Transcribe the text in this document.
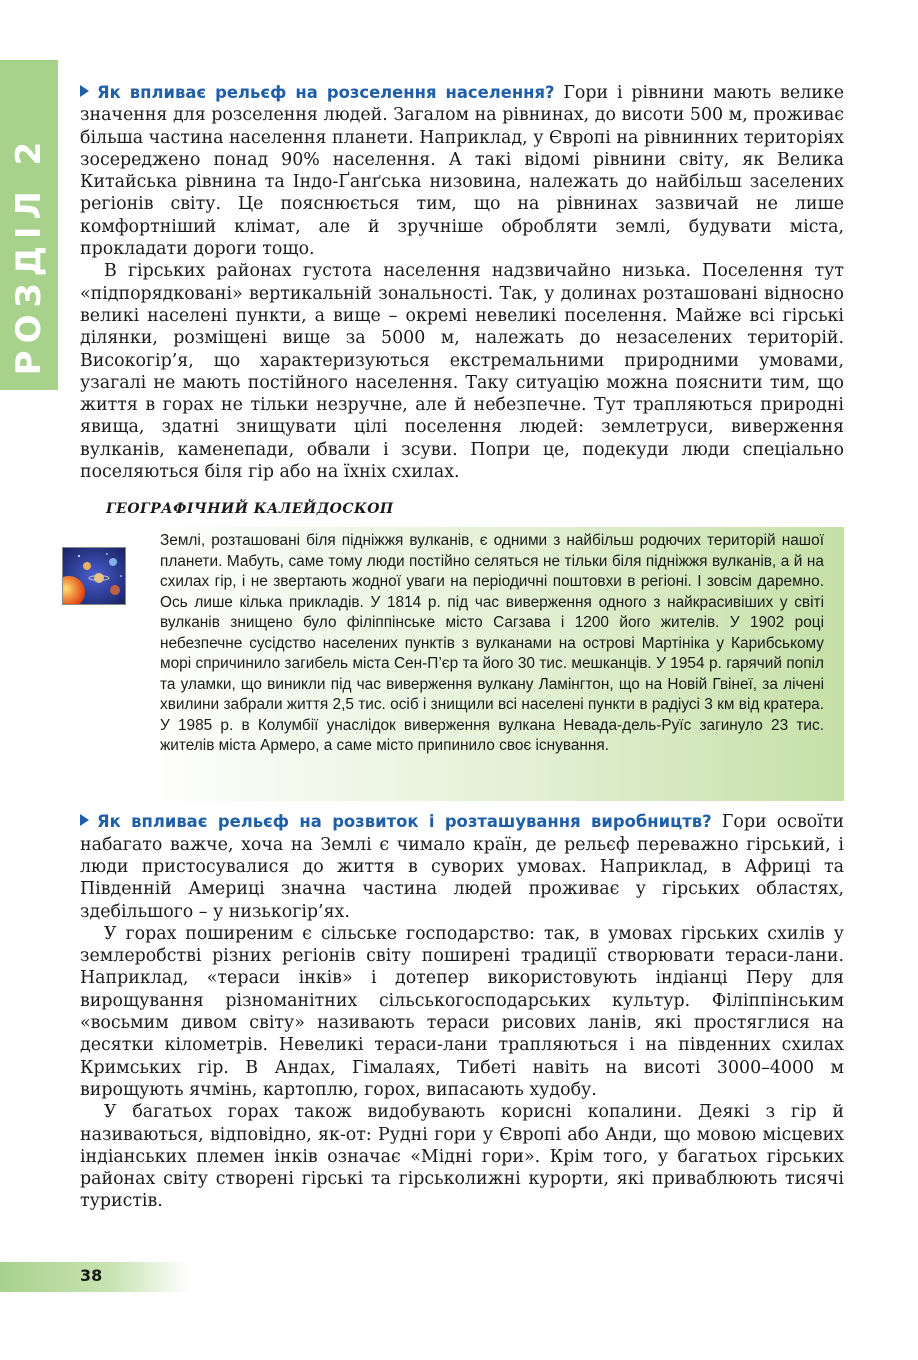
РОЗДІЛ 2

Як впливає рельєф на розселення населення? Гори і рівнини мають велике значення для розселення людей. Загалом на рівнинах, до висоти 500 м, проживає більша частина населення планети. Наприклад, у Європі на рівнинних територіях зосереджено понад 90% населення. А такі відомі рівнини світу, як Велика Китайська рівнина та Індо-Ґанґська низовина, належать до найбільш заселених регіонів світу. Це пояснюється тим, що на рівнинах зазвичай не лише комфортніший клімат, але й зручніше обробляти землі, будувати міста, прокладати дороги тощо.

В гірських районах густота населення надзвичайно низька. Поселення тут «підпорядковані» вертикальній зональності. Так, у долинах розташовані відносно великі населені пункти, а вище – окремі невеликі поселення. Майже всі гірські ділянки, розміщені вище за 5000 м, належать до незаселених територій. Високогір’я, що характеризуються екстремальними природними умовами, узагалі не мають постійного населення. Таку ситуацію можна пояснити тим, що життя в горах не тільки незручне, але й небезпечне. Тут трапляються природні явища, здатні знищувати цілі поселення людей: землетруси, виверження вулканів, каменепади, обвали і зсуви. Попри це, подекуди люди спеціально поселяються біля гір або на їхніх схилах.

ГЕОГРАФІЧНИЙ КАЛЕЙДОСКОП

Землі, розташовані біля підніжжя вулканів, є одними з найбільш родючих територій нашої планети. Мабуть, саме тому люди постійно селяться не тільки біля підніжжя вулканів, а й на схилах гір, і не звертають жодної уваги на періодичні поштовхи в регіоні. І зовсім даремно. Ось лише кілька прикладів. У 1814 р. під час виверження одного з найкрасивіших у світі вулканів знищено було філіппінське місто Сагзава і 1200 його жителів. У 1902 році небезпечне сусідство населених пунктів з вулканами на острові Мартініка у Карибському морі спричинило загибель міста Сен-П’єр та його 30 тис. мешканців. У 1954 р. гарячий попіл та уламки, що виникли під час виверження вулкану Ламінгтон, що на Новій Гвінеї, за лічені хвилини забрали життя 2,5 тис. осіб і знищили всі населені пункти в радіусі 3 км від кратера. У 1985 р. в Колумбії унаслідок виверження вулкана Невада-дель-Руїс загинуло 23 тис. жителів міста Армеро, а саме місто припинило своє існування.

Як впливає рельєф на розвиток і розташування виробництв? Гори освоїти набагато важче, хоча на Землі є чимало країн, де рельєф переважно гірський, і люди пристосувалися до життя в суворих умовах. Наприклад, в Африці та Південній Америці значна частина людей проживає у гірських областях, здебільшого – у низькогір’ях.

У горах поширеним є сільське господарство: так, в умовах гірських схилів у землеробстві різних регіонів світу поширені традиції створювати тераси-лани. Наприклад, «тераси інків» і дотепер використовують індіанці Перу для вирощування різноманітних сільськогосподарських культур. Філіппінським «восьмим дивом світу» називають тераси рисових ланів, які простяглися на десятки кілометрів. Невеликі тераси-лани трапляються і на південних схилах Кримських гір. В Андах, Гімалаях, Тибеті навіть на висоті 3000–4000 м вирощують ячмінь, картоплю, горох, випасають худобу.

У багатьох горах також видобувають корисні копалини. Деякі з гір й називаються, відповідно, як-от: Рудні гори у Європі або Анди, що мовою місцевих індіанських племен інків означає «Мідні гори». Крім того, у багатьох гірських районах світу створені гірські та гірськолижні курорти, які приваблюють тисячі туристів.

38
